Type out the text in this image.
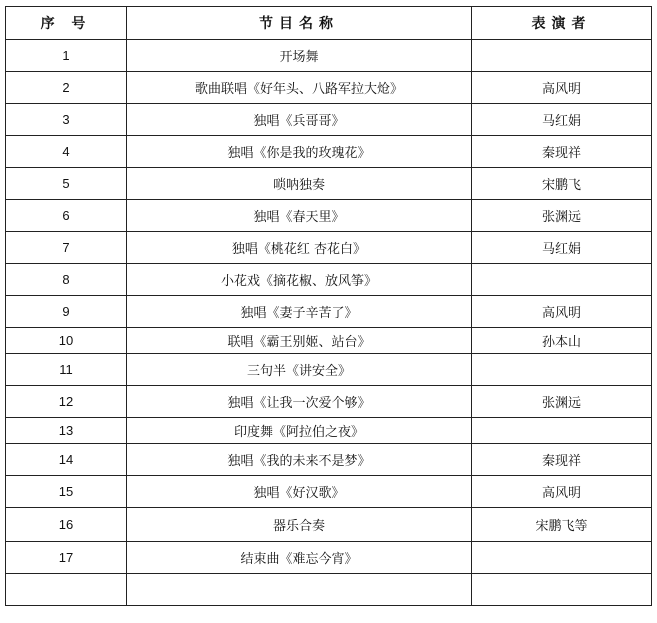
序 号	节目名称	表演者
1	开场舞	
2	歌曲联唱《好年头、八路军拉大炝》	高风明
3	独唱《兵哥哥》	马红娟
4	独唱《你是我的玫瑰花》	秦现祥
5	唢呐独奏	宋鹏飞
6	独唱《春天里》	张渊远
7	独唱《桃花红 杏花白》	马红娟
8	小花戏《摘花椒、放风筝》	
9	独唱《妻子辛苦了》	高风明
10	联唱《霸王别姬、站台》	孙本山
11	三句半《讲安全》	
12	独唱《让我一次爱个够》	张渊远
13	印度舞《阿拉伯之夜》	
14	独唱《我的未来不是梦》	秦现祥
15	独唱《好汉歌》	高风明
16	器乐合奏	宋鹏飞等
17	结束曲《难忘今宵》	
